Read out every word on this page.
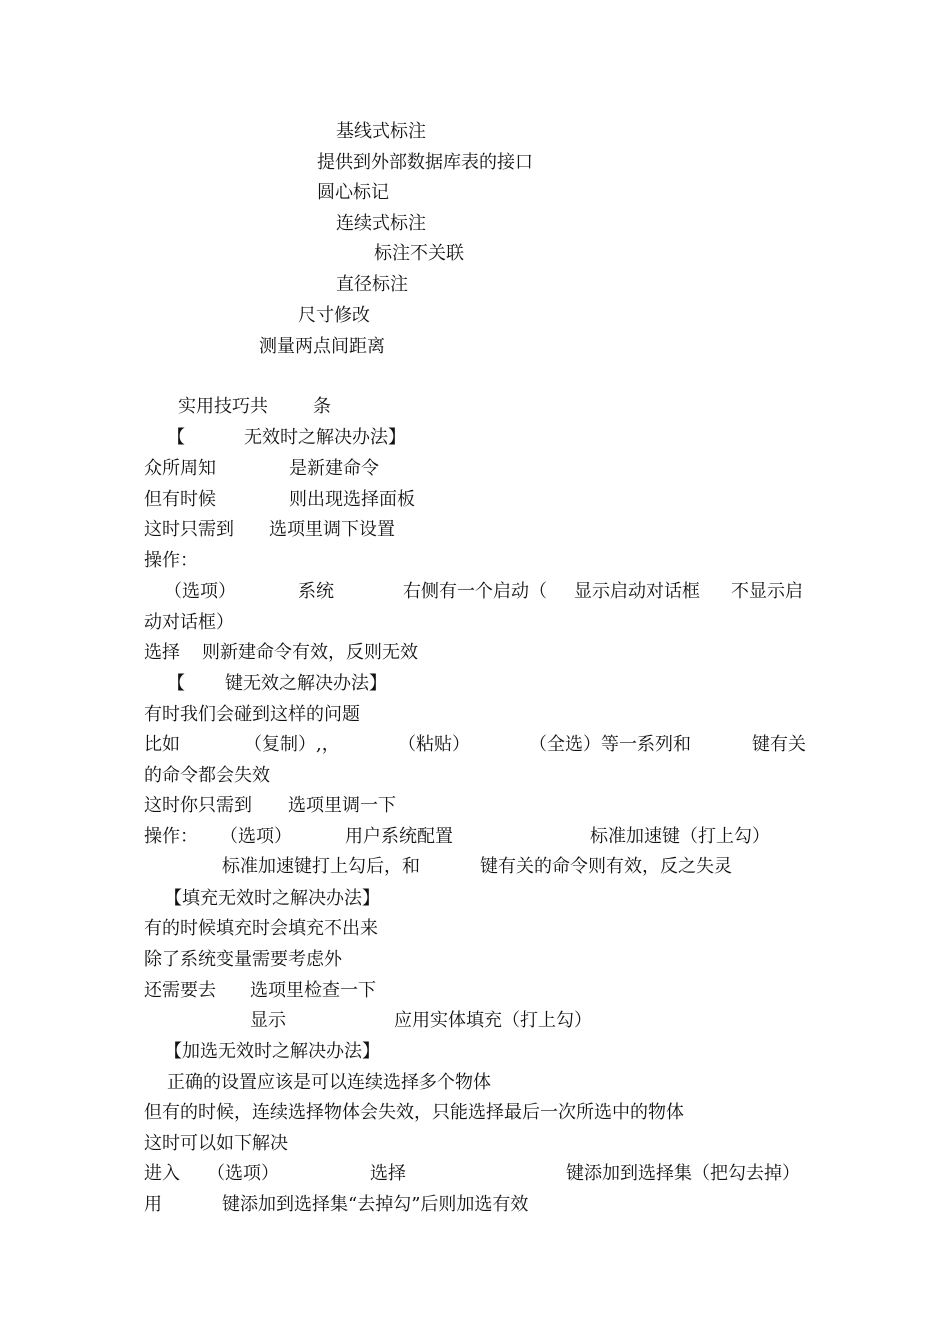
基线式标注
提供到外部数据库表的接口
圆心标记
连续式标注
标注不关联
直径标注
尺寸修改
测量两点间距离
实用技巧共	条
【	无效时之解决办法】
众所周知	是新建命令
但有时候	则出现选择面板
这时只需到 选项里调下设置
操作：
（选项）	系统	右侧有一个启动（ 显示启动对话框 不显示启
动对话框）
选择 则新建命令有效，反则无效
【 键无效之解决办法】
有时我们会碰到这样的问题
比如	（复制）,，	（粘贴）	（全选）等一系列和	键有关
的命令都会失效
这时你只需到 选项里调一下
操作： （选项）	用户系统配置	标准加速键（打上勾）
标准加速键打上勾后，和	键有关的命令则有效，反之失灵
【填充无效时之解决办法】
有的时候填充时会填充不出来
除了系统变量需要考虑外
还需要去 选项里检查一下
显示	应用实体填充（打上勾）
【加选无效时之解决办法】
正确的设置应该是可以连续选择多个物体
但有的时候，连续选择物体会失效，只能选择最后一次所选中的物体
这时可以如下解决
进入 （选项）	选择	键添加到选择集（把勾去掉）
用	键添加到选择集“去掉勾”后则加选有效
